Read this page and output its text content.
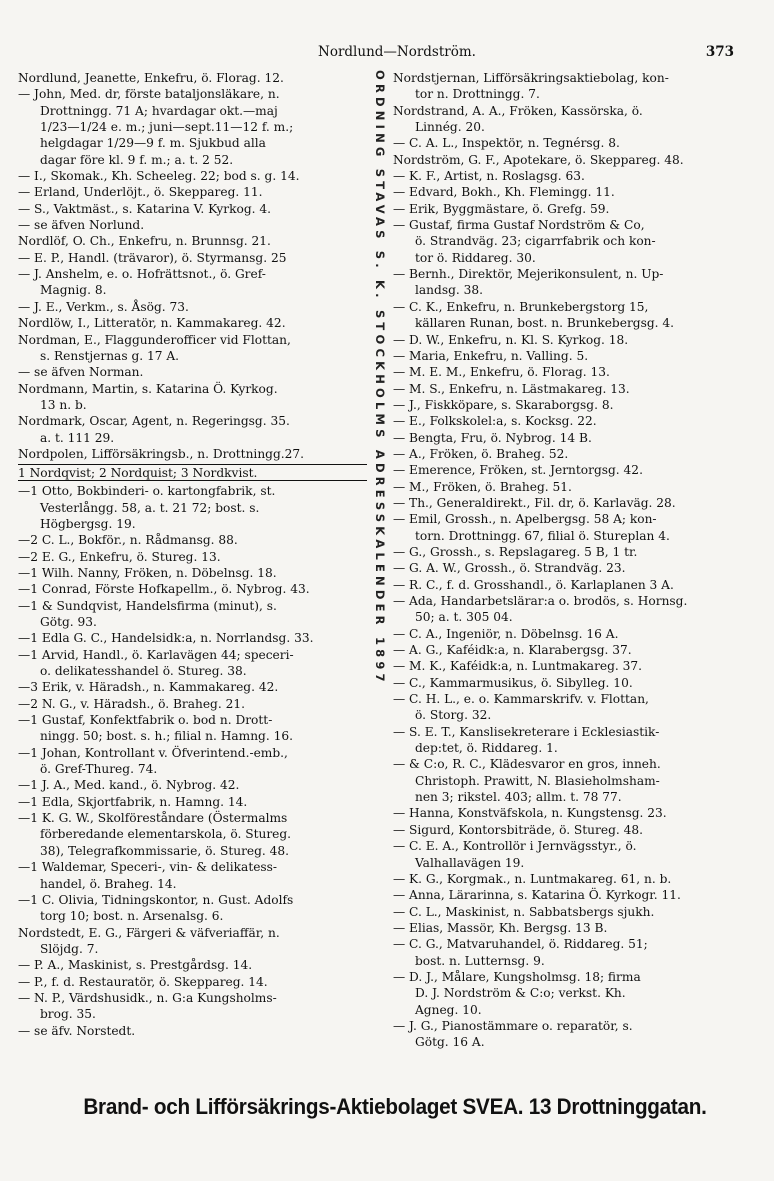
Nordlund—Nordström.	373
Nordlund, Jeanette, Enkefru, ö. Florag. 12.
— John, Med. dr, förste bataljonsläkare, n.
Drottningg. 71 A; hvardagar okt.—maj
1/23—1/24 e. m.; juni—sept.11—12 f. m.;
helgdagar 1/29—9 f. m. Sjukbud alla
dagar före kl. 9 f. m.; a. t. 2 52.
— I., Skomak., Kh. Scheeleg. 22; bod s. g. 14.
— Erland, Underlöjt., ö. Skeppareg. 11.
— S., Vaktmäst., s. Katarina V. Kyrkog. 4.
— se äfven Norlund.
Nordlöf, O. Ch., Enkefru, n. Brunnsg. 21.
— E. P., Handl. (trävaror), ö. Styrmansg. 25
— J. Anshelm, e. o. Hofrättsnot., ö. Gref-
Magnig. 8.
— J. E., Verkm., s. Åsög. 73.
Nordlöw, I., Litteratör, n. Kammakareg. 42.
Nordman, E., Flaggunderofficer vid Flottan,
s. Renstjernas g. 17 A.
— se äfven Norman.
Nordmann, Martin, s. Katarina Ö. Kyrkog.
13 n. b.
Nordmark, Oscar, Agent, n. Regeringsg. 35.
a. t. 111 29.
Nordpolen, Lifförsäkringsb., n. Drottningg.27.
1 Nordqvist; 2 Nordquist; 3 Nordkvist.
—1 Otto, Bokbinderi- o. kartongfabrik, st.
Vesterlångg. 58, a. t. 21 72; bost. s.
Högbergsg. 19.
—2 C. L., Bokför., n. Rådmansg. 88.
—2 E. G., Enkefru, ö. Stureg. 13.
—1 Wilh. Nanny, Fröken, n. Döbelnsg. 18.
—1 Conrad, Förste Hofkapellm., ö. Nybrog. 43.
—1 & Sundqvist, Handelsfirma (minut), s.
Götg. 93.
—1 Edla G. C., Handelsidk:a, n. Norrlandsg. 33.
—1 Arvid, Handl., ö. Karlavägen 44; speceri-
o. delikatesshandel ö. Stureg. 38.
—3 Erik, v. Häradsh., n. Kammakareg. 42.
—2 N. G., v. Häradsh., ö. Braheg. 21.
—1 Gustaf, Konfektfabrik o. bod n. Drott-
ningg. 50; bost. s. h.; filial n. Hamng. 16.
—1 Johan, Kontrollant v. Öfverintend.-emb.,
ö. Gref-Thureg. 74.
—1 J. A., Med. kand., ö. Nybrog. 42.
—1 Edla, Skjortfabrik, n. Hamng. 14.
—1 K. G. W., Skolföreståndare (Östermalms
förberedande elementarskola, ö. Stureg.
38), Telegrafkommissarie, ö. Stureg. 48.
—1 Waldemar, Speceri-, vin- & delikatess-
handel, ö. Braheg. 14.
—1 C. Olivia, Tidningskontor, n. Gust. Adolfs
torg 10; bost. n. Arsenalsg. 6.
Nordstedt, E. G., Färgeri & väfveriaffär, n.
Slöjdg. 7.
— P. A., Maskinist, s. Prestgårdsg. 14.
— P., f. d. Restauratör, ö. Skeppareg. 14.
— N. P., Värdshusidk., n. G:a Kungsholms-
brog. 35.
— se äfv. Norstedt.
ORDNING STAVAS S. K. STOCKHOLMS ADRESSKALENDER 1897 Nordstjernan, Lifförsäkringsaktiebolag, kon-
tor n. Drottningg. 7.
Nordstrand, A. A., Fröken, Kassörska, ö.
Linnég. 20.
— C. A. L., Inspektör, n. Tegnérsg. 8.
Nordström, G. F., Apotekare, ö. Skeppareg. 48.
— K. F., Artist, n. Roslagsg. 63.
— Edvard, Bokh., Kh. Flemingg. 11.
— Erik, Byggmästare, ö. Grefg. 59.
— Gustaf, firma Gustaf Nordström & Co,
ö. Strandväg. 23; cigarrfabrik och kon-
tor ö. Riddareg. 30.
— Bernh., Direktör, Mejerikonsulent, n. Up-
landsg. 38.
— C. K., Enkefru, n. Brunkebergstorg 15,
källaren Runan, bost. n. Brunkebergsg. 4.
— D. W., Enkefru, n. Kl. S. Kyrkog. 18.
— Maria, Enkefru, n. Valling. 5.
— M. E. M., Enkefru, ö. Florag. 13.
— M. S., Enkefru, n. Lästmakareg. 13.
— J., Fiskköpare, s. Skaraborgsg. 8.
— E., Folkskolel:a, s. Kocksg. 22.
— Bengta, Fru, ö. Nybrog. 14 B.
— A., Fröken, ö. Braheg. 52.
— Emerence, Fröken, st. Jerntorgsg. 42.
— M., Fröken, ö. Braheg. 51.
— Th., Generaldirekt., Fil. dr, ö. Karlaväg. 28.
— Emil, Grossh., n. Apelbergsg. 58 A; kon-
torn. Drottningg. 67, filial ö. Stureplan 4.
— G., Grossh., s. Repslagareg. 5 B, 1 tr.
— G. A. W., Grossh., ö. Strandväg. 23.
— R. C., f. d. Grosshandl., ö. Karlaplanen 3 A.
— Ada, Handarbetslärar:a o. brodös, s. Hornsg.
50; a. t. 305 04.
— C. A., Ingeniör, n. Döbelnsg. 16 A.
— A. G., Kaféidk:a, n. Klarabergsg. 37.
— M. K., Kaféidk:a, n. Luntmakareg. 37.
— C., Kammarmusikus, ö. Sibylleg. 10.
— C. H. L., e. o. Kammarskrifv. v. Flottan,
ö. Storg. 32.
— S. E. T., Kanslisekreterare i Ecklesiastik-
dep:tet, ö. Riddareg. 1.
— & C:o, R. C., Klädesvaror en gros, inneh.
Christoph. Prawitt, N. Blasieholmsham-
nen 3; rikstel. 403; allm. t. 78 77.
— Hanna, Konstväfskola, n. Kungstensg. 23.
— Sigurd, Kontorsbiträde, ö. Stureg. 48.
— C. E. A., Kontrollör i Jernvägsstyr., ö.
Valhallavägen 19.
— K. G., Korgmak., n. Luntmakareg. 61, n. b.
— Anna, Lärarinna, s. Katarina Ö. Kyrkogr. 11.
— C. L., Maskinist, n. Sabbatsbergs sjukh.
— Elias, Massör, Kh. Bergsg. 13 B.
— C. G., Matvaruhandel, ö. Riddareg. 51;
bost. n. Lutternsg. 9.
— D. J., Målare, Kungsholmsg. 18; firma
D. J. Nordström & C:o; verkst. Kh.
Agneg. 10.
— J. G., Pianostämmare o. reparatör, s.
Götg. 16 A.
Brand- och Lifförsäkrings-Aktiebolaget SVEA. 13 Drottninggatan.
